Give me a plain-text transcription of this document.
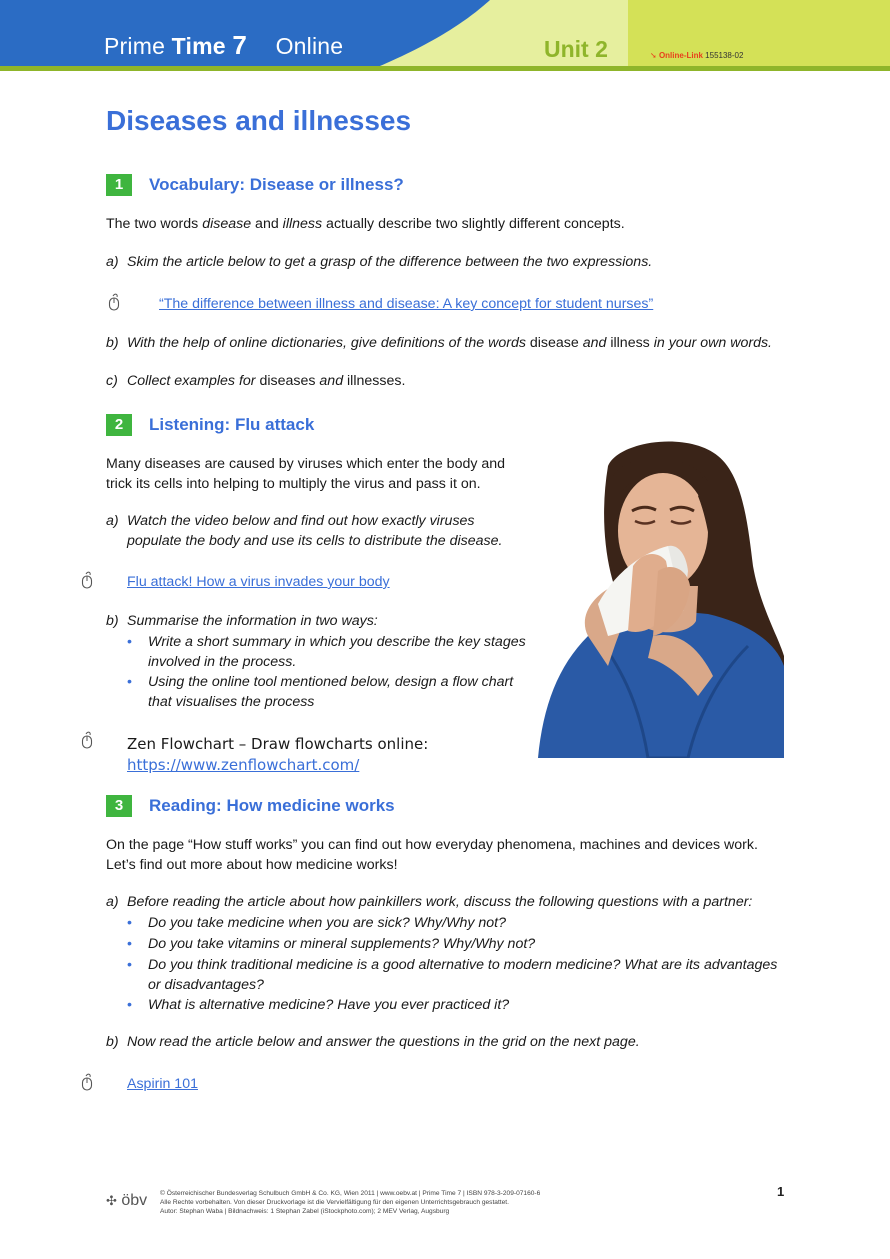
Prime Time 7 Online	Unit 2	➘ Online-Link 155138-02
Diseases and illnesses
1	Vocabulary: Disease or illness?
The two words disease and illness actually describe two slightly different concepts.
a) Skim the article below to get a grasp of the difference between the two expressions.
“The difference between illness and disease: A key concept for student nurses”
b) With the help of online dictionaries, give definitions of the words disease and illness in your own words.
c) Collect examples for diseases and illnesses.
2	Listening: Flu attack
Many diseases are caused by viruses which enter the body and
trick its cells into helping to multiply the virus and pass it on.
a) Watch the video below and find out how exactly viruses
populate the body and use its cells to distribute the disease.
Flu attack! How a virus invades your body
b) Summarise the information in two ways:
• Write a short summary in which you describe the key stages
involved in the process.
• Using the online tool mentioned below, design a flow chart
that visualises the process
Zen Flowchart – Draw flowcharts online:
https://www.zenflowchart.com/
3	Reading: How medicine works
On the page “How stuff works” you can find out how everyday phenomena, machines and devices work.
Let’s find out more about how medicine works!
a) Before reading the article about how painkillers work, discuss the following questions with a partner:
• Do you take medicine when you are sick? Why/Why not?
• Do you take vitamins or mineral supplements? Why/Why not?
• Do you think traditional medicine is a good alternative to modern medicine? What are its advantages
or disadvantages?
• What is alternative medicine? Have you ever practiced it?
b) Now read the article below and answer the questions in the grid on the next page.
Aspirin 101
✣ öbv © Österreichischer Bundesverlag Schulbuch GmbH & Co. KG, Wien 2011 | www.oebv.at | Prime Time 7 | ISBN 978-3-209-07160-6
Alle Rechte vorbehalten. Von dieser Druckvorlage ist die Vervielfältigung für den eigenen Unterrichtsgebrauch gestattet.
Autor: Stephan Waba | Bildnachweis: 1 Stephan Zabel (iStockphoto.com); 2 MEV Verlag, Augsburg
1
